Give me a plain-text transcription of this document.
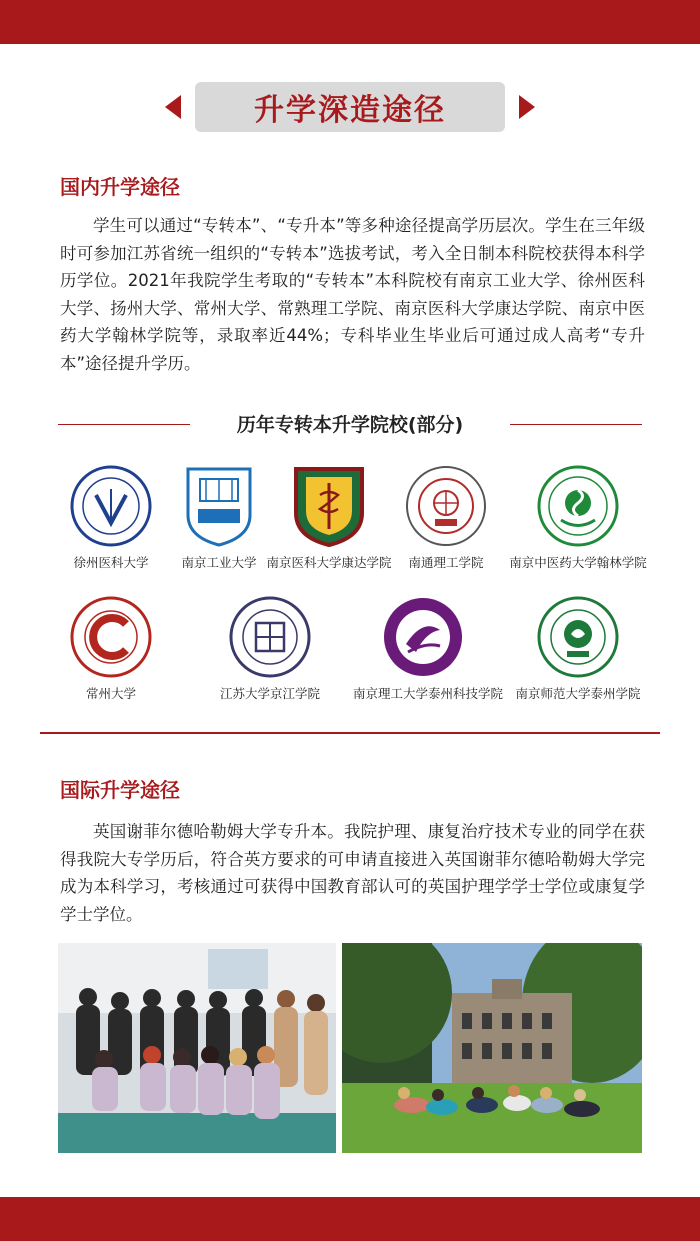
升学深造途径
国内升学途径

学生可以通过“专转本”、“专升本”等多种途径提高学历层次。学生在三年级时可参加江苏省统一组织的“专转本”选拔考试，考入全日制本科院校获得本科学历学位。2021年我院学生考取的“专转本”本科院校有南京工业大学、徐州医科大学、扬州大学、常州大学、常熟理工学院、南京医科大学康达学院、南京中医药大学翰林学院等，录取率近44%；专科毕业生毕业后可通过成人高考“专升本”途径提升学历。

历年专转本升学院校(部分)
徐州医科大学	南京工业大学 南京医科大学康达学院	南通理工学院	南京中医药大学翰林学院
常州大学	江苏大学京江学院	南京理工大学泰州科技学院 南京师范大学泰州学院
国际升学途径

英国谢菲尔德哈勒姆大学专升本。我院护理、康复治疗技术专业的同学在获得我院大专学历后，符合英方要求的可申请直接进入英国谢菲尔德哈勒姆大学完成为本科学习，考核通过可获得中国教育部认可的英国护理学学士学位或康复学学士学位。
